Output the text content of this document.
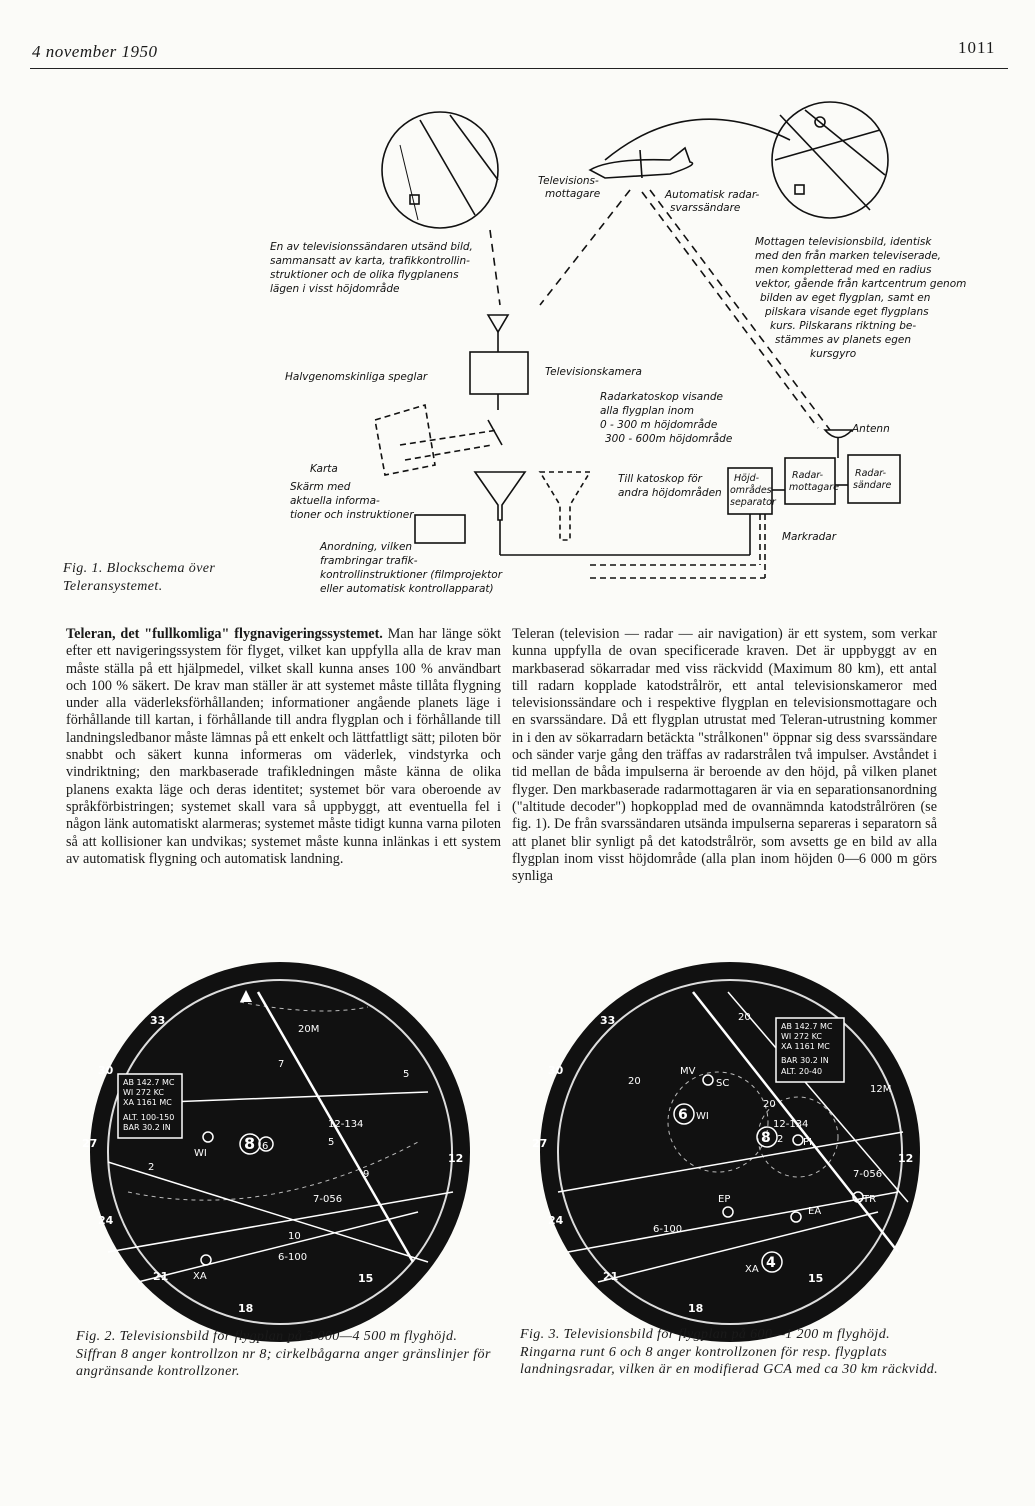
4 november 1950	1011
Televisions-mottagare	Automatisk radar-svarssändare
En av televisionssändaren utsänd bild, sammansatt av karta, trafikkontrollin- struktioner och de olika flygplanens lägen i visst höjdområde
Mottagen televisionsbild, identisk med den från marken televiserade, men kompletterad med en radius vektor, gående från kartcentrum genom bilden av eget flygplan, samt en pilskara visande eget flygplans kurs. Pilskarans riktning be- stämmes av planets egen kursgyro
Halvgenomskinliga speglar	Televisionskamera
Radarkatoskop visande alla flygplan inom 0 - 300 m höjdområde 300 - 600m höjdområde
Till katoskop för andra höjdområden
Karta
Skärm med aktuella informa- tioner och instruktioner
Anordning, vilken frambringar trafik- kontrollinstruktioner (filmprojektor eller automatisk kontrollapparat)
Antenn
Höjd- områdes- separator
Radar- mottagare
Radar- sändare
Markradar
Fig. 1. Blockschema över Teleransystemet.

Teleran, det "fullkomliga" flygnavigeringssystemet. Man har länge sökt efter ett navigeringssystem för flyget, vilket kan uppfylla alla de krav man måste ställa på ett hjälpmedel, vilket skall kunna anses 100 % användbart och 100 % säkert. De krav man ställer är att systemet måste tillåta flygning under alla väderleksförhållanden; informationer angående planets läge i förhållande till kartan, i förhållande till andra flygplan och i förhållande till landningsledbanor måste lämnas på ett enkelt och lättfattligt sätt; piloten bör snabbt och säkert kunna informeras om väderlek, vindstyrka och vindriktning; den markbaserade trafikledningen måste känna de olika planens exakta läge och deras identitet; systemet bör vara oberoende av språkförbistringen; systemet skall vara så uppbyggt, att eventuella fel i någon länk automatiskt alarmeras; systemet måste tidigt kunna varna piloten så att kollisioner kan undvikas; systemet måste kunna inlänkas i ett system av automatisk flygning och automatisk landning.

Teleran (television — radar — air navigation) är ett system, som verkar kunna uppfylla de ovan specificerade kraven. Det är uppbyggt av en markbaserad sökarradar med viss räckvidd (Maximum 80 km), ett antal till radarn kopplade katodstrålrör, ett antal televisionskameror med televisionssändare och i respektive flygplan en televisionsmottagare och en svarssändare. Då ett flygplan utrustat med Teleran-utrustning kommer in i den av sökarradarn betäckta "strålkonen" öppnar sig dess svarssändare och sänder varje gång den träffas av radarstrålen två impulser. Avståndet i tid mellan de båda impulserna är beroende av den höjd, på vilken planet flyger. Den markbaserade radarmottagaren är via en separationsanordning ("altitude decoder") hopkopplad med de ovannämnda katodstrålrören (se fig. 1). De från svarssändaren utsända impulserna separeras i separatorn så att planet blir synligt på det katodstrålrör, som avsetts ge en bild av alla flygplan inom visst höjdområde (alla plan inom höjden 0—6 000 m görs synliga

AB 142.7 MC
WI 272 KC
XA 1161 MC
ALT. 100-150
BAR 30.2 IN
33
30
27
24
21
18
15
12
20M
7
5
12-134
7-056
10
6-100
9
8 6	5
2
WI
XA
Fig. 2. Televisionsbild för flygplan på 3 000—4 500 m flyghöjd. Siffran 8 anger kontrollzon nr 8; cirkelbågarna anger gränslinjer för angränsande kontrollzoner.
AB 142.7 MC
WI 272 KC
XA 1161 MC
BAR 30.2 IN
ALT. 20-40
33
30
27
24
21
18
15
12
20
MV
20	SC
6 WI
20
12-134
8 2 PI
7-056
TR
EP
EA
6-100
4
XA
12M
Fig. 3. Televisionsbild för flygplan på 600—1 200 m flyghöjd. Ringarna runt 6 och 8 anger kontrollzonen för resp. flygplats landningsradar, vilken är en modifierad GCA med ca 30 km räckvidd.
